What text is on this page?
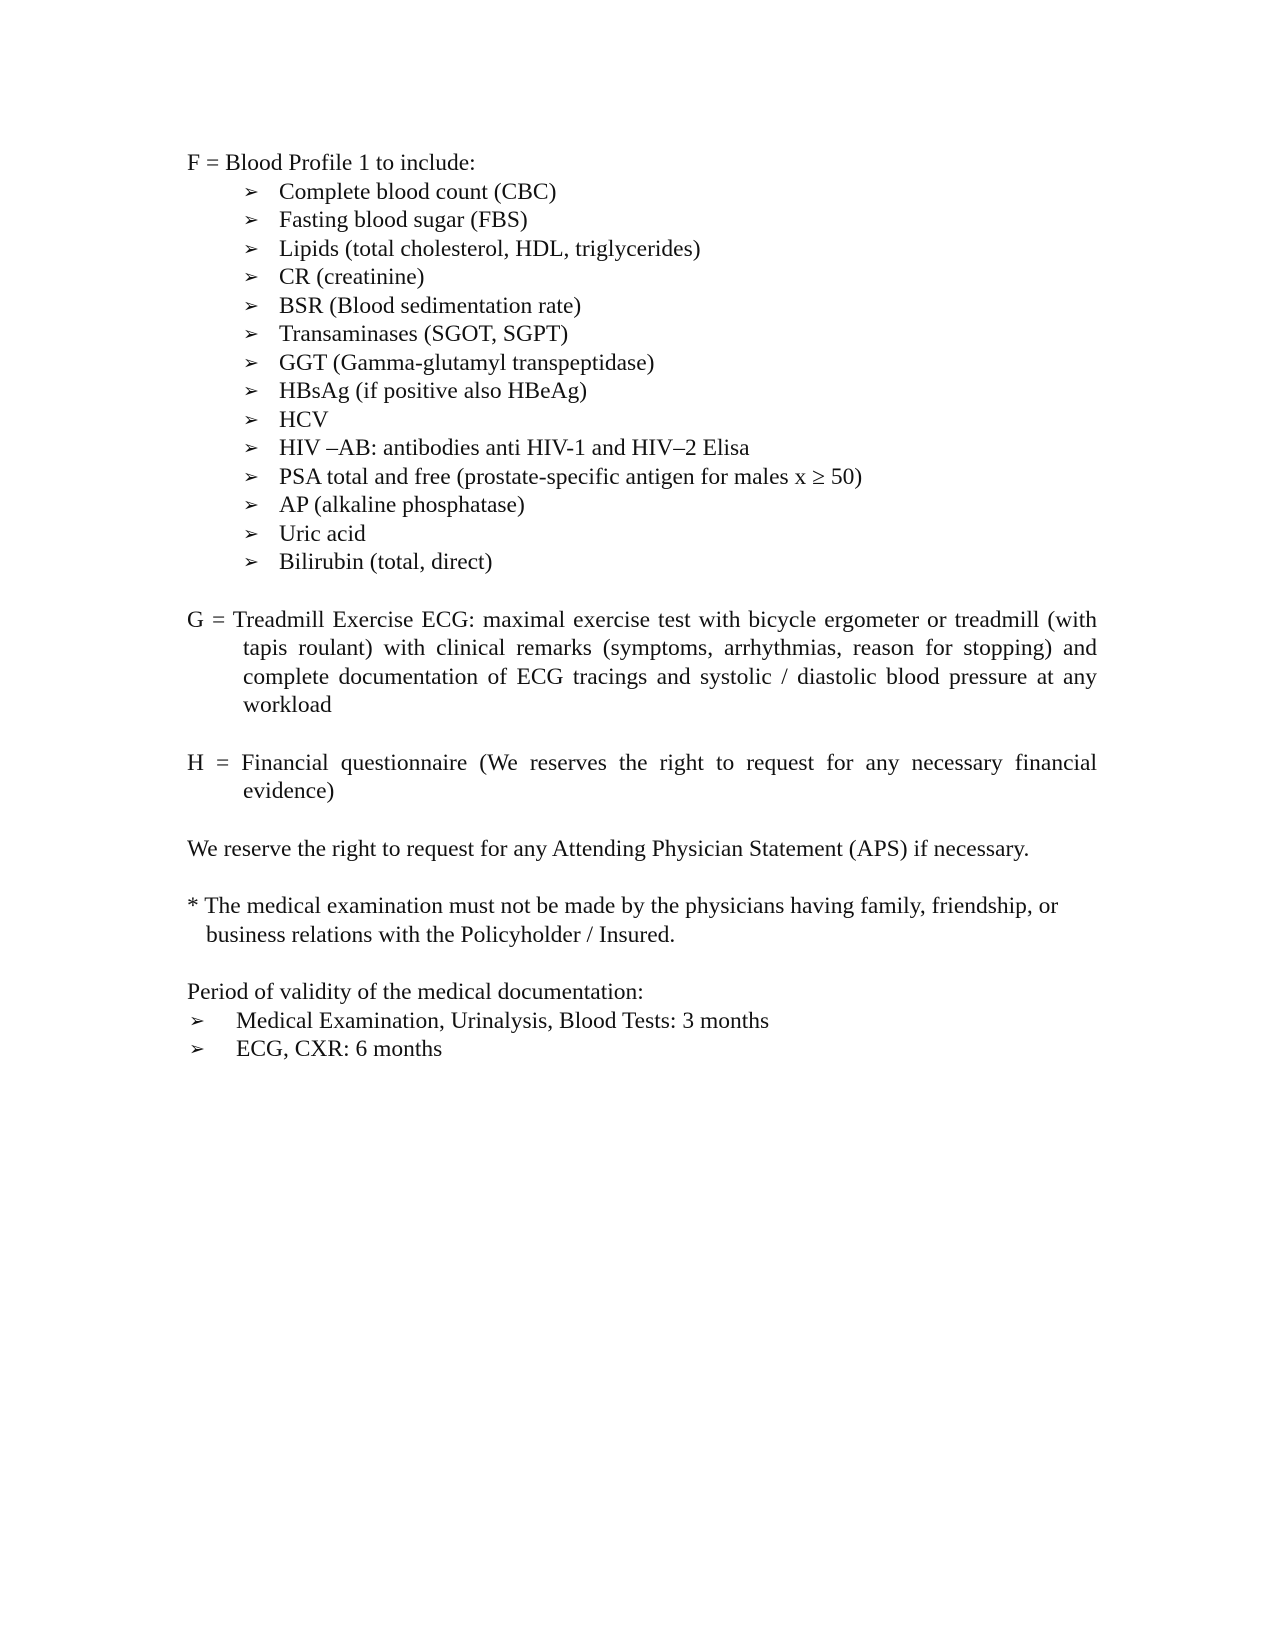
F = Blood Profile 1 to include:
➢ Complete blood count (CBC)
➢ Fasting blood sugar (FBS)
➢ Lipids (total cholesterol, HDL, triglycerides)
➢ CR (creatinine)
➢ BSR (Blood sedimentation rate)
➢ Transaminases (SGOT, SGPT)
➢ GGT (Gamma-glutamyl transpeptidase)
➢ HBsAg (if positive also HBeAg)
➢ HCV
➢ HIV –AB: antibodies anti HIV-1 and HIV–2 Elisa
➢ PSA total and free (prostate-specific antigen for males x ≥ 50)
➢ AP (alkaline phosphatase)
➢ Uric acid
➢ Bilirubin (total, direct)

G = Treadmill Exercise ECG: maximal exercise test with bicycle ergometer or treadmill (with tapis roulant) with clinical remarks (symptoms, arrhythmias, reason for stopping) and complete documentation of ECG tracings and systolic / diastolic blood pressure at any workload

H = Financial questionnaire (We reserves the right to request for any necessary financial evidence)

We reserve the right to request for any Attending Physician Statement (APS) if necessary.

* The medical examination must not be made by the physicians having family, friendship, or business relations with the Policyholder / Insured.

Period of validity of the medical documentation:
➢ Medical Examination, Urinalysis, Blood Tests: 3 months
➢ ECG, CXR: 6 months
